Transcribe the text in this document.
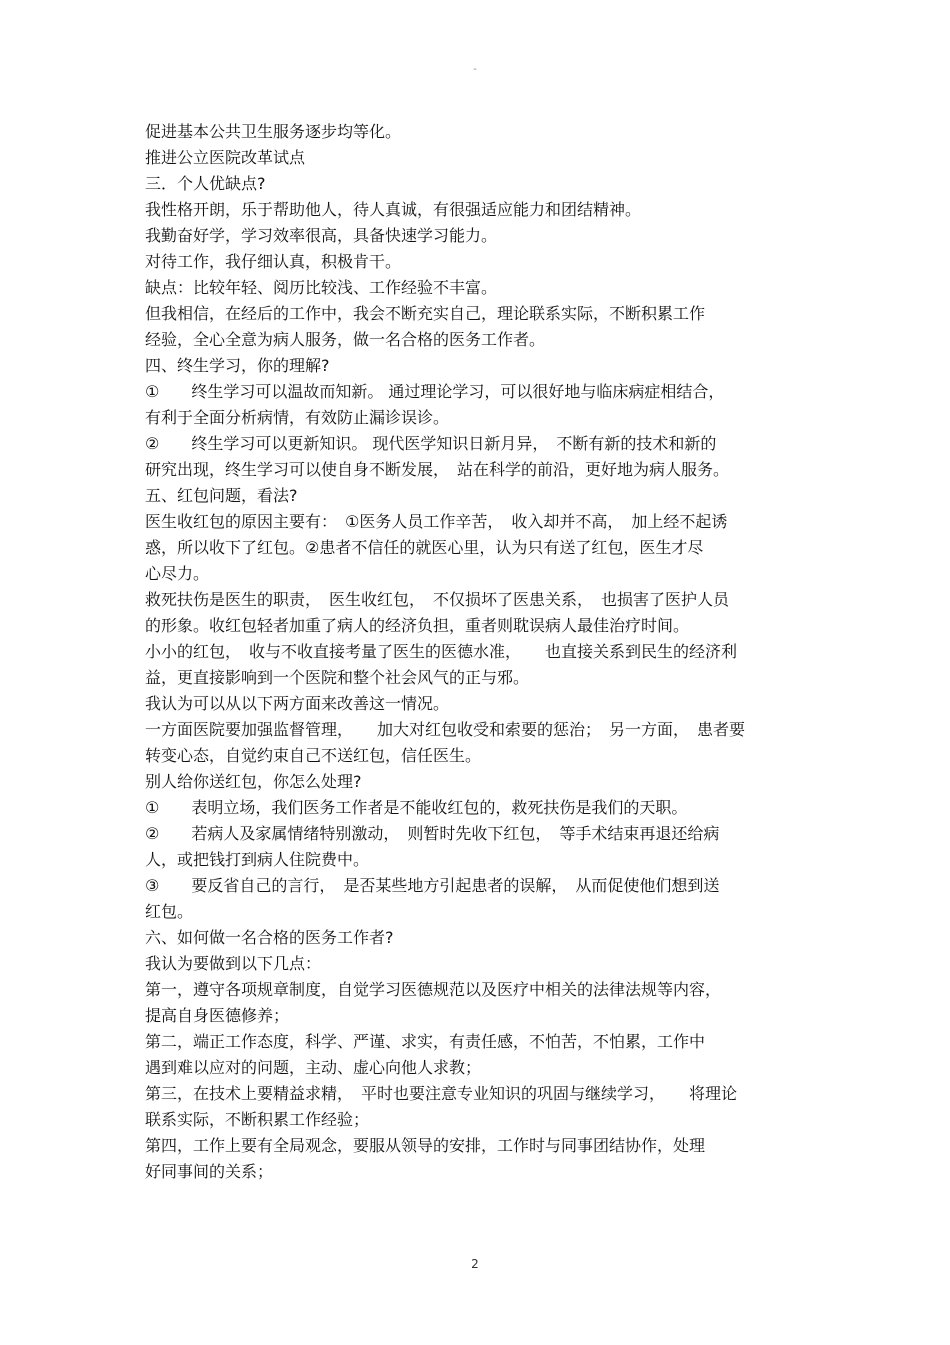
-
促进基本公共卫生服务逐步均等化。
推进公立医院改革试点
三．个人优缺点?
我性格开朗，乐于帮助他人，待人真诚，有很强适应能力和团结精神。
我勤奋好学，学习效率很高，具备快速学习能力。
对待工作，我仔细认真，积极肯干。
缺点：比较年轻、阅历比较浅、工作经验不丰富。
但我相信，在经后的工作中，我会不断充实自己，理论联系实际，不断积累工作
经验，全心全意为病人服务，做一名合格的医务工作者。
四、终生学习，你的理解?
①　　终生学习可以温故而知新。 通过理论学习，可以很好地与临床病症相结合，
有利于全面分析病情，有效防止漏诊误诊。
②　　终生学习可以更新知识。 现代医学知识日新月异，　不断有新的技术和新的
研究出现，终生学习可以使自身不断发展，　站在科学的前沿，更好地为病人服务。
五、红包问题，看法?
医生收红包的原因主要有：　①医务人员工作辛苦，　收入却并不高，　加上经不起诱
惑，所以收下了红包。②患者不信任的就医心里，认为只有送了红包，医生才尽
心尽力。
救死扶伤是医生的职责，　医生收红包，　不仅损坏了医患关系，　也损害了医护人员
的形象。收红包轻者加重了病人的经济负担，重者则耽误病人最佳治疗时间。
小小的红包，　收与不收直接考量了医生的医德水准，　　也直接关系到民生的经济利
益，更直接影响到一个医院和整个社会风气的正与邪。
我认为可以从以下两方面来改善这一情况。
一方面医院要加强监督管理，　　加大对红包收受和索要的惩治；　另一方面，　患者要
转变心态，自觉约束自己不送红包，信任医生。
别人给你送红包，你怎么处理?
①　　表明立场，我们医务工作者是不能收红包的，救死扶伤是我们的天职。
②　　若病人及家属情绪特别激动，　则暂时先收下红包，　等手术结束再退还给病
人，或把钱打到病人住院费中。
③　　要反省自己的言行，　是否某些地方引起患者的误解，　从而促使他们想到送
红包。
六、如何做一名合格的医务工作者?
我认为要做到以下几点：
第一，遵守各项规章制度，自觉学习医德规范以及医疗中相关的法律法规等内容，
提高自身医德修养；
第二，端正工作态度，科学、严谨、求实，有责任感，不怕苦，不怕累，工作中
遇到难以应对的问题，主动、虚心向他人求教；
第三，在技术上要精益求精，　平时也要注意专业知识的巩固与继续学习，　　将理论
联系实际，不断积累工作经验；
第四，工作上要有全局观念，要服从领导的安排，工作时与同事团结协作，处理
好同事间的关系；
2
